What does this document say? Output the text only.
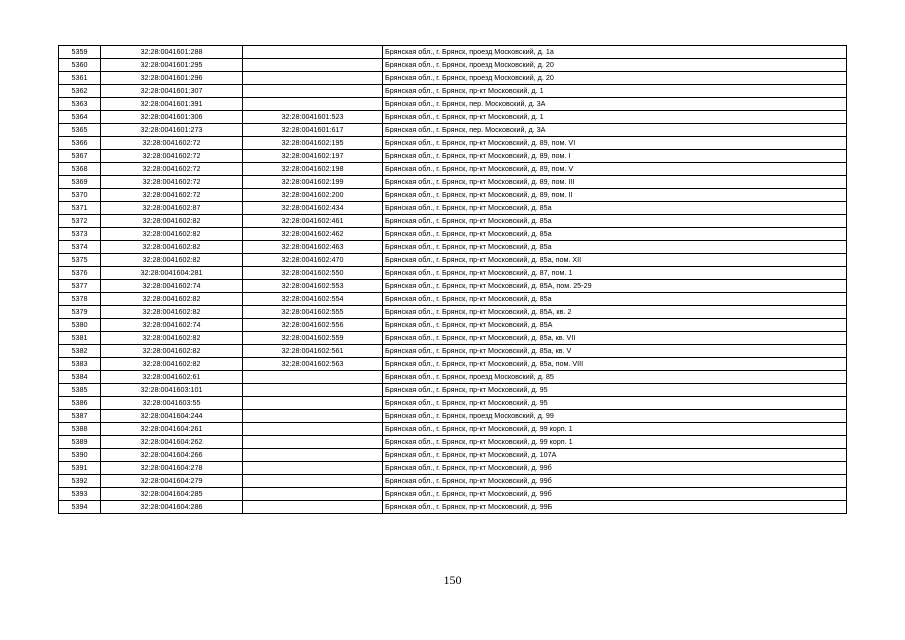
5359	32:28:0041601:288		Брянская обл., г. Брянск, проезд Московский, д. 1а
5360	32:28:0041601:295		Брянская обл., г. Брянск, проезд Московский, д. 20
5361	32:28:0041601:296		Брянская обл., г. Брянск, проезд Московский, д. 20
5362	32:28:0041601:307		Брянская обл., г. Брянск, пр-кт Московский, д. 1
5363	32:28:0041601:391		Брянская обл., г. Брянск, пер. Московский, д. 3А
5364	32:28:0041601:306	32:28:0041601:523	Брянская обл., г. Брянск, пр-кт Московский, д. 1
5365	32:28:0041601:273	32:28:0041601:617	Брянская обл., г. Брянск, пер. Московский, д. 3А
5366	32:28:0041602:72	32:28:0041602:195	Брянская обл., г. Брянск, пр-кт Московский, д. 89, пом. VI
5367	32:28:0041602:72	32:28:0041602:197	Брянская обл., г. Брянск, пр-кт Московский, д. 89, пом. I
5368	32:28:0041602:72	32:28:0041602:198	Брянская обл., г. Брянск, пр-кт Московский, д. 89, пом. V
5369	32:28:0041602:72	32:28:0041602:199	Брянская обл., г. Брянск, пр-кт Московский, д. 89, пом. III
5370	32:28:0041602:72	32:28:0041602:200	Брянская обл., г. Брянск, пр-кт Московский, д. 89, пом. II
5371	32:28:0041602:87	32:28:0041602:434	Брянская обл., г. Брянск, пр-кт Московский, д. 85а
5372	32:28:0041602:82	32:28:0041602:461	Брянская обл., г. Брянск, пр-кт Московский, д. 85а
5373	32:28:0041602:82	32:28:0041602:462	Брянская обл., г. Брянск, пр-кт Московский, д. 85а
5374	32:28:0041602:82	32:28:0041602:463	Брянская обл., г. Брянск, пр-кт Московский, д. 85а
5375	32:28:0041602:82	32:28:0041602:470	Брянская обл., г. Брянск, пр-кт Московский, д. 85а, пом. XII
5376	32:28:0041604:281	32:28:0041602:550	Брянская обл., г. Брянск, пр-кт Московский, д. 87, пом. 1
5377	32:28:0041602:74	32:28:0041602:553	Брянская обл., г. Брянск, пр-кт Московский, д. 85А, пом. 25-29
5378	32:28:0041602:82	32:28:0041602:554	Брянская обл., г. Брянск, пр-кт Московский, д. 85а
5379	32:28:0041602:82	32:28:0041602:555	Брянская обл., г. Брянск, пр-кт Московский, д. 85А, кв. 2
5380	32:28:0041602:74	32:28:0041602:556	Брянская обл., г. Брянск, пр-кт Московский, д. 85А
5381	32:28:0041602:82	32:28:0041602:559	Брянская обл., г. Брянск, пр-кт Московский, д. 85а, кв. VII
5382	32:28:0041602:82	32:28:0041602:561	Брянская обл., г. Брянск, пр-кт Московский, д. 85а, кв. V
5383	32:28:0041602:82	32:28:0041602:563	Брянская обл., г. Брянск, пр-кт Московский, д. 85а, пом. VIII
5384	32:28:0041602:61		Брянская обл., г. Брянск, проезд Московский, д. 85
5385	32:28:0041603:101		Брянская обл., г. Брянск, пр-кт Московский, д. 95
5386	32:28:0041603:55		Брянская обл., г. Брянск, пр-кт Московский, д. 95
5387	32:28:0041604:244		Брянская обл., г. Брянск, проезд Московский, д. 99
5388	32:28:0041604:261		Брянская обл., г. Брянск, пр-кт Московский, д. 99 корп. 1
5389	32:28:0041604:262		Брянская обл., г. Брянск, пр-кт Московский, д. 99 корп. 1
5390	32:28:0041604:266		Брянская обл., г. Брянск, пр-кт Московский, д. 107А
5391	32:28:0041604:278		Брянская обл., г. Брянск, пр-кт Московский, д. 99б
5392	32:28:0041604:279		Брянская обл., г. Брянск, пр-кт Московский, д. 99б
5393	32:28:0041604:285		Брянская обл., г. Брянск, пр-кт Московский, д. 99б
5394	32:28:0041604:286		Брянская обл., г. Брянск, пр-кт Московский, д. 99Б
150
